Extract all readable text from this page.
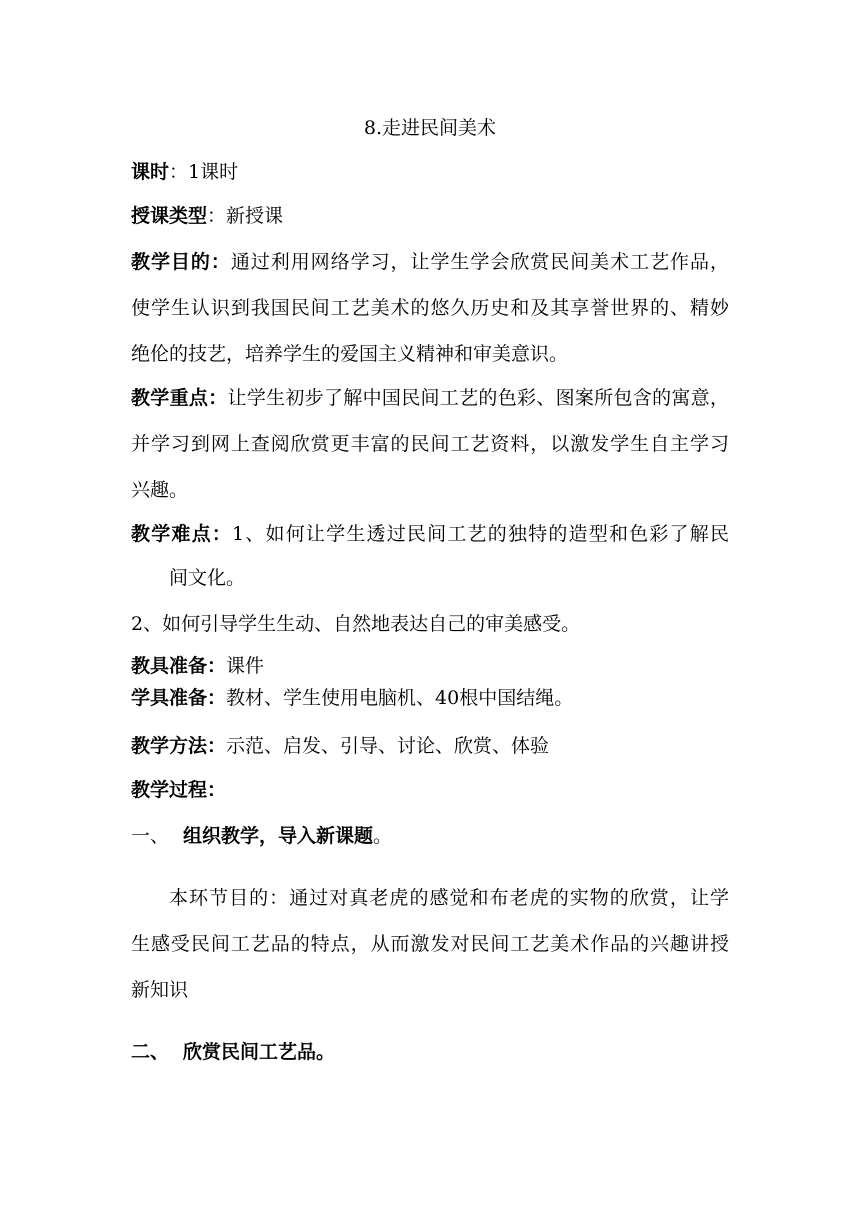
8.走进民间美术
课时：1课时
授课类型：新授课
教学目的：通过利用网络学习，让学生学会欣赏民间美术工艺作品，
使学生认识到我国民间工艺美术的悠久历史和及其享誉世界的、精妙
绝伦的技艺，培养学生的爱国主义精神和审美意识。
教学重点：让学生初步了解中国民间工艺的色彩、图案所包含的寓意，
并学习到网上查阅欣赏更丰富的民间工艺资料，以激发学生自主学习
兴趣。
教学难点：1、如何让学生透过民间工艺的独特的造型和色彩了解民
间文化。
2、如何引导学生生动、自然地表达自己的审美感受。
教具准备：课件
学具准备：教材、学生使用电脑机、40根中国结绳。
教学方法：示范、启发、引导、讨论、欣赏、体验
教学过程：
一、 组织教学，导入新课题。
本环节目的：通过对真老虎的感觉和布老虎的实物的欣赏，让学
生感受民间工艺品的特点，从而激发对民间工艺美术作品的兴趣讲授
新知识
二、 欣赏民间工艺品。
